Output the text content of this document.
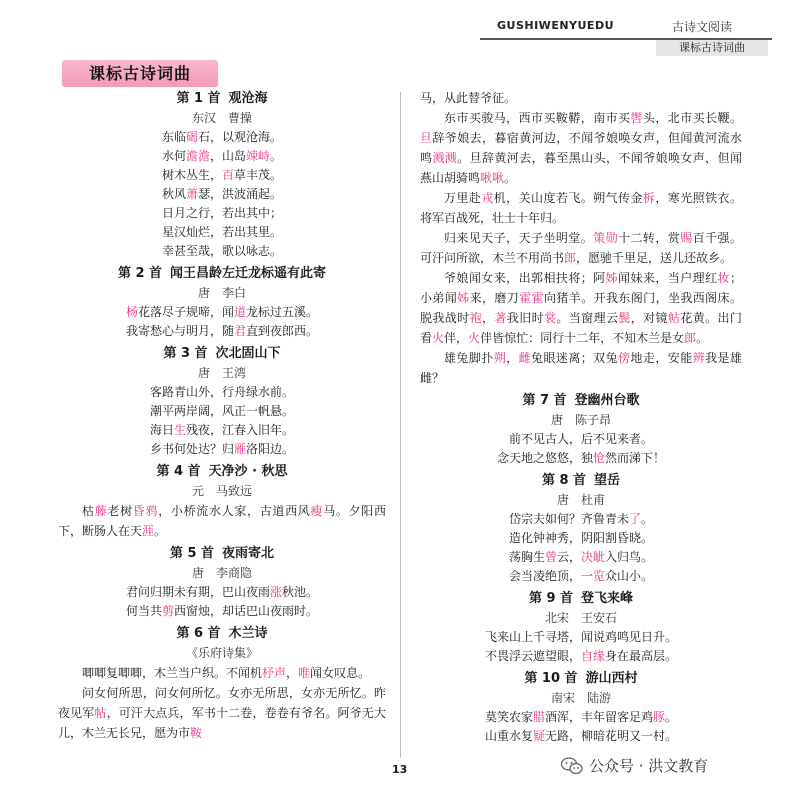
GUSHIWENYUEDU	古诗文阅读
课标古诗词曲
课标古诗词曲
第 1 首 观沧海
东汉 曹操
东临碣石，以观沧海。
水何澹澹，山岛竦峙。
树木丛生，百草丰茂。
秋风萧瑟，洪波涌起。
日月之行，若出其中；
星汉灿烂，若出其里。
幸甚至哉，歌以咏志。
第 2 首 闻王昌龄左迁龙标遥有此寄
唐 李白
杨花落尽子规啼，闻道龙标过五溪。
我寄愁心与明月，随君直到夜郎西。
第 3 首 次北固山下
唐 王湾
客路青山外，行舟绿水前。
潮平两岸阔，风正一帆悬。
海日生残夜，江春入旧年。
乡书何处达？归雁洛阳边。
第 4 首 天净沙 · 秋思
元 马致远

枯藤老树昏鸦，小桥流水人家，古道西风瘦马。夕阳西下，断肠人在天涯。

第 5 首 夜雨寄北
唐 李商隐
君问归期未有期，巴山夜雨涨秋池。
何当共剪西窗烛，却话巴山夜雨时。
第 6 首 木兰诗
《乐府诗集》

唧唧复唧唧，木兰当户织。不闻机杼声，唯闻女叹息。

问女何所思，问女何所忆。女亦无所思，女亦无所忆。昨夜见军帖，可汗大点兵，军书十二卷，卷卷有爷名。阿爷无大儿，木兰无长兄，愿为市鞍

马，从此替爷征。

东市买骏马，西市买鞍鞯，南市买辔头，北市买长鞭。旦辞爷娘去，暮宿黄河边，不闻爷娘唤女声，但闻黄河流水鸣溅溅。旦辞黄河去，暮至黑山头，不闻爷娘唤女声，但闻燕山胡骑鸣啾啾。

万里赴戎机，关山度若飞。朔气传金柝，寒光照铁衣。将军百战死，壮士十年归。

归来见天子，天子坐明堂。策勋十二转，赏赐百千强。可汗问所欲，木兰不用尚书郎，愿驰千里足，送儿还故乡。

爷娘闻女来，出郭相扶将；阿姊闻妹来，当户理红妆；小弟闻姊来，磨刀霍霍向猪羊。开我东阁门，坐我西阁床。脱我战时袍，著我旧时裳。当窗理云鬓，对镜帖花黄。出门看火伴，火伴皆惊忙：同行十二年，不知木兰是女郎。

雄兔脚扑朔，雌兔眼迷离；双兔傍地走，安能辨我是雄雌？

第 7 首 登幽州台歌
唐 陈子昂
前不见古人，后不见来者。
念天地之悠悠，独怆然而涕下！
第 8 首 望岳
唐 杜甫
岱宗夫如何？齐鲁青未了。
造化钟神秀，阴阳割昏晓。
荡胸生曾云，决眦入归鸟。
会当凌绝顶，一览众山小。
第 9 首 登飞来峰
北宋 王安石
飞来山上千寻塔，闻说鸡鸣见日升。
不畏浮云遮望眼，自缘身在最高层。
第 10 首 游山西村
南宋 陆游
莫笑农家腊酒浑，丰年留客足鸡豚。
山重水复疑无路，柳暗花明又一村。
13	公众号 · 洪文教育
